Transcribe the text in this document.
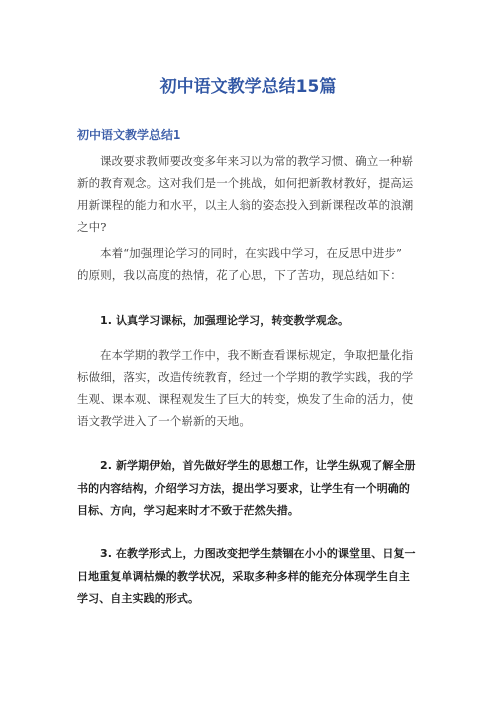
初中语文教学总结15篇
初中语文教学总结1

课改要求教师要改变多年来习以为常的教学习惯、确立一种崭新的教育观念。这对我们是一个挑战，如何把新教材教好，提高运用新课程的能力和水平，以主人翁的姿态投入到新课程改革的浪潮之中?

本着“加强理论学习的同时，在实践中学习，在反思中进步” 的原则，我以高度的热情，花了心思，下了苦功，现总结如下：

1. 认真学习课标，加强理论学习，转变教学观念。

在本学期的教学工作中，我不断查看课标规定，争取把量化指标做细，落实，改造传统教育，经过一个学期的教学实践，我的学生观、课本观、课程观发生了巨大的转变，焕发了生命的活力，使语文教学进入了一个崭新的天地。

2. 新学期伊始，首先做好学生的思想工作，让学生纵观了解全册书的内容结构，介绍学习方法，提出学习要求，让学生有一个明确的目标、方向，学习起来时才不致于茫然失措。

3. 在教学形式上，力图改变把学生禁锢在小小的课堂里、日复一日地重复单调枯燥的教学状况，采取多种多样的能充分体现学生自主学习、自主实践的形式。
